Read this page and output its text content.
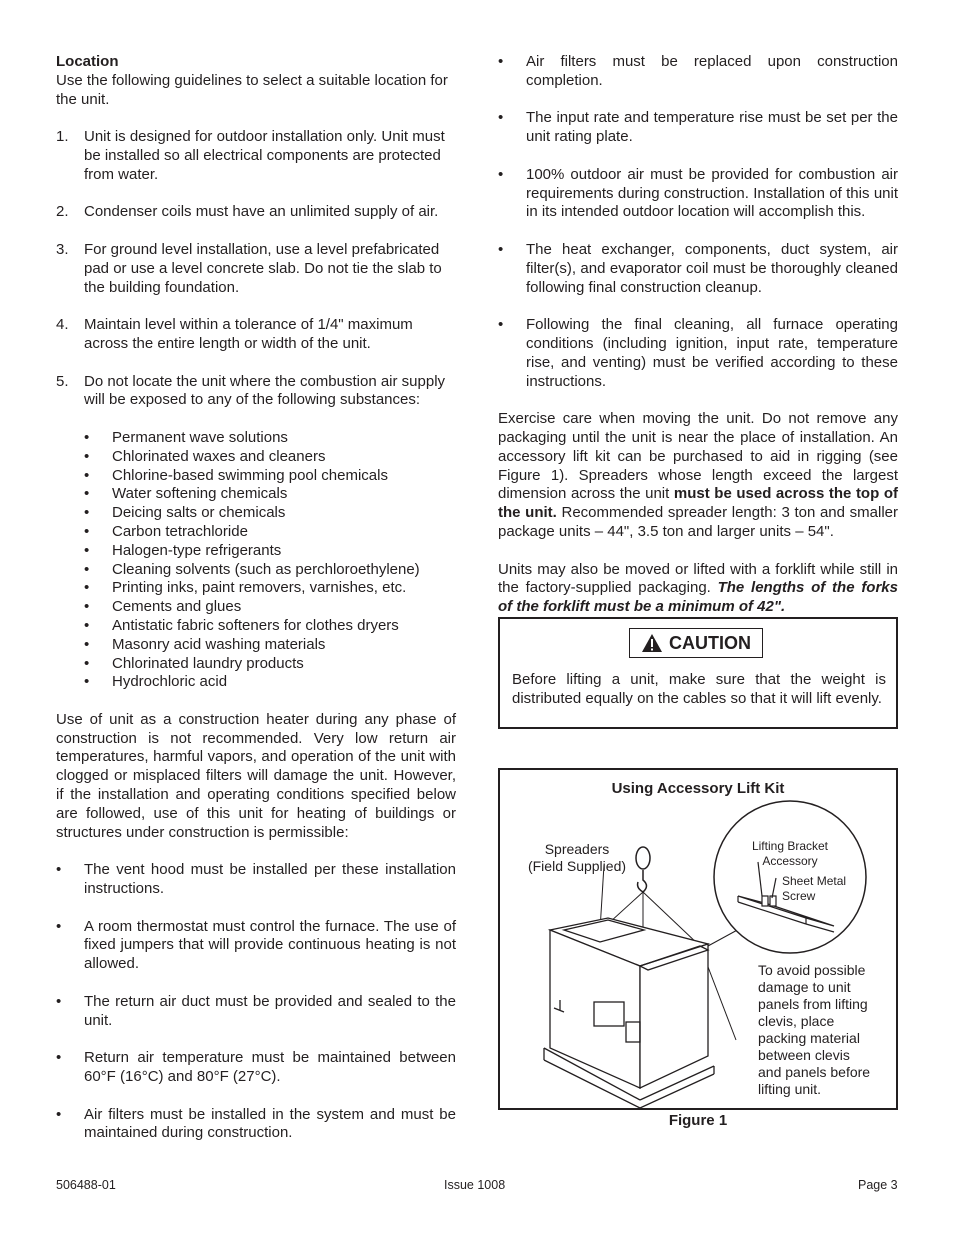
Location

Use the following guidelines to select a suitable location for the unit.

1.	Unit is designed for outdoor installation only. Unit must be installed so all electrical components are protected from water.
2.	Condenser coils must have an unlimited supply of air.
3.	For ground level installation, use a level prefabricated pad or use a level concrete slab. Do not tie the slab to the building foundation.
4.	Maintain level within a tolerance of 1/4" maximum across the entire length or width of the unit.
5.	Do not locate the unit where the combustion air supply will be exposed to any of the following substances:
•	Permanent wave solutions
•	Chlorinated waxes and cleaners
•	Chlorine-based swimming pool chemicals
•	Water softening chemicals
•	Deicing salts or chemicals
•	Carbon tetrachloride
•	Halogen-type refrigerants
•	Cleaning solvents (such as perchloroethylene)
•	Printing inks, paint removers, varnishes, etc.
•	Cements and glues
•	Antistatic fabric softeners for clothes dryers
•	Masonry acid washing materials
•	Chlorinated laundry products
•	Hydrochloric acid

Use of unit as a construction heater during any phase of construction is not recommended. Very low return air temperatures, harmful vapors, and operation of the unit with clogged or misplaced filters will damage the unit. However, if the installation and operating conditions specified below are followed, use of this unit for heating of buildings or structures under construction is permissible:

•	The vent hood must be installed per these installation instructions.
•	A room thermostat must control the furnace. The use of fixed jumpers that will provide continuous heating is not allowed.
•	The return air duct must be provided and sealed to the unit.
•	Return air temperature must be maintained between 60°F (16°C) and 80°F (27°C).
•	Air filters must be installed in the system and must be maintained during construction.
•	Air filters must be replaced upon construction completion.
•	The input rate and temperature rise must be set per the unit rating plate.
•	100% outdoor air must be provided for combustion air requirements during construction. Installation of this unit in its intended outdoor location will accomplish this.
•	The heat exchanger, components, duct system, air filter(s), and evaporator coil must be thoroughly cleaned following final construction cleanup.
•	Following the final cleaning, all furnace operating conditions (including ignition, input rate, temperature rise, and venting) must be verified according to these instructions.

Exercise care when moving the unit. Do not remove any packaging until the unit is near the place of installation. An accessory lift kit can be purchased to aid in rigging (see Figure 1). Spreaders whose length exceed the largest dimension across the unit must be used across the top of the unit. Recommended spreader length: 3 ton and smaller package units – 44", 3.5 ton and larger units – 54".

Units may also be moved or lifted with a forklift while still in the factory-supplied packaging. The lengths of the forks of the forklift must be a minimum of 42".

CAUTION

Before lifting a unit, make sure that the weight is distributed equally on the cables so that it will lift evenly.

Using Accessory Lift Kit
Spreaders
(Field Supplied)
Lifting Bracket
Accessory
Sheet Metal
Screw
To avoid possible
damage to unit
panels from lifting
clevis, place
packing material
between clevis
and panels before
lifting unit.
Figure 1
506488-01	Issue 1008	Page 3
